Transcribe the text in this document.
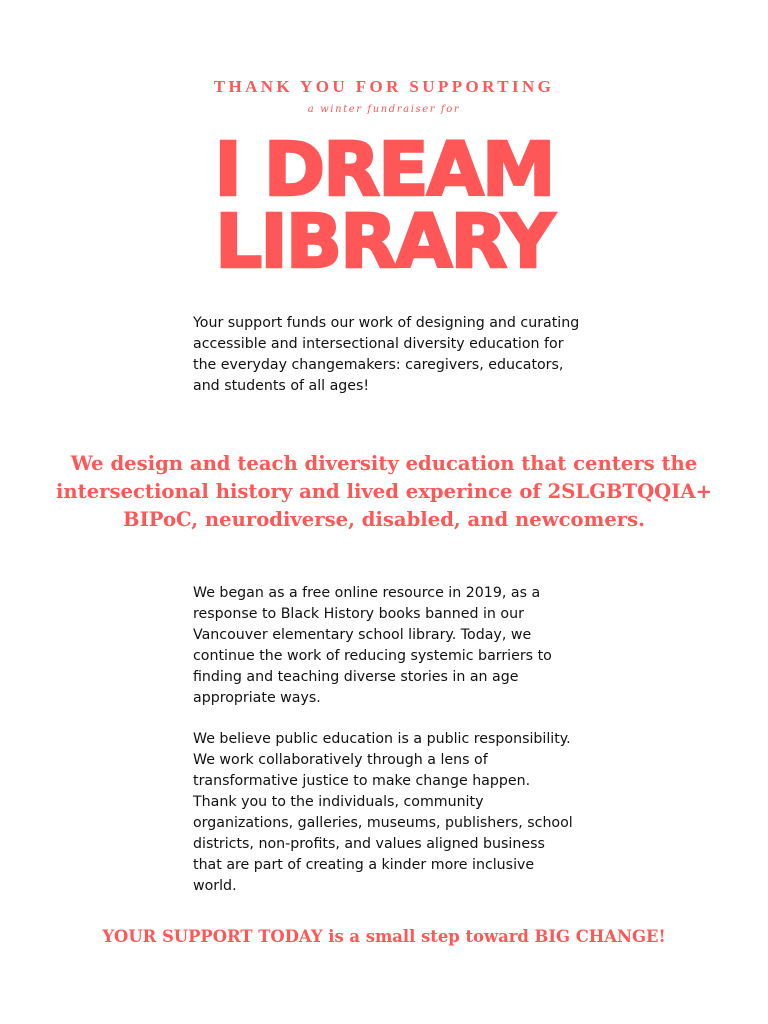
THANK YOU FOR SUPPORTING
a winter fundraiser for
I DREAM
LIBRARY

Your support funds our work of designing and curating accessible and intersectional diversity education for the everyday changemakers: caregivers, educators, and students of all ages!

We design and teach diversity education that centers the intersectional history and lived experince of 2SLGBTQQIA+ BIPoC, neurodiverse, disabled, and newcomers.

We began as a free online resource in 2019, as a response to Black History books banned in our Vancouver elementary school library. Today, we continue the work of reducing systemic barriers to finding and teaching diverse stories in an age appropriate ways.

We believe public education is a public responsibility. We work collaboratively through a lens of transformative justice to make change happen. Thank you to the individuals, community organizations, galleries, museums, publishers, school districts, non-profits, and values aligned business that are part of creating a kinder more inclusive world.

YOUR SUPPORT TODAY is a small step toward BIG CHANGE!
